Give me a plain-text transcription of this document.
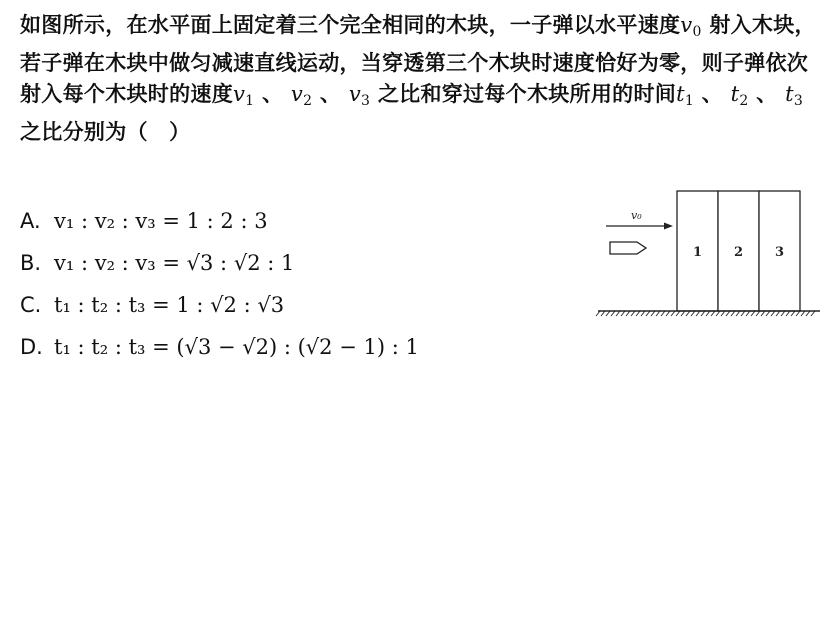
如图所示，在水平面上固定着三个完全相同的木块，一子弹以水平速度$v_0$ 射入木块，若子弹在木块中做匀减速直线运动，当穿透第三个木块时速度恰好为零，则子弹依次射入每个木块时的速度$v_1$ 、 $v_2$ 、 $v_3$ 之比和穿过每个木块所用的时间$t_1$ 、 $t_2$ 、 $t_3$之比分别为（　）
A. v₁ : v₂ : v₃ = 1 : 2 : 3
B. v₁ : v₂ : v₃ = √3 : √2 : 1
C. t₁ : t₂ : t₃ = 1 : √2 : √3
D. t₁ : t₂ : t₃ = (√3 − √2) : (√2 − 1) : 1
v₀
1 2 3
